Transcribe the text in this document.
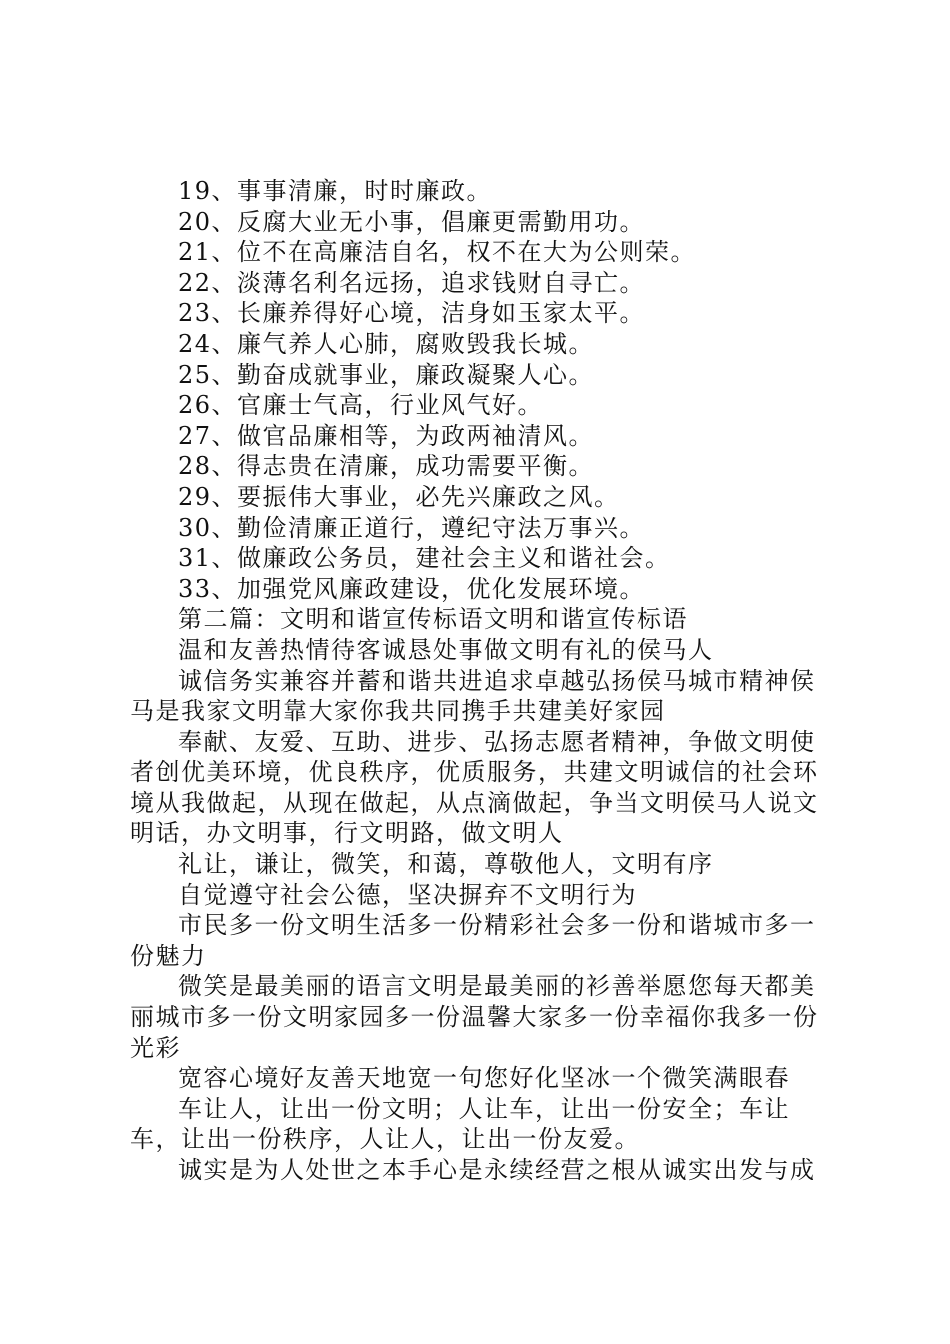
19、事事清廉，时时廉政。

20、反腐大业无小事，倡廉更需勤用功。

21、位不在高廉洁自名，权不在大为公则荣。

22、淡薄名利名远扬，追求钱财自寻亡。

23、长廉养得好心境，洁身如玉家太平。

24、廉气养人心肺，腐败毁我长城。

25、勤奋成就事业，廉政凝聚人心。

26、官廉士气高，行业风气好。

27、做官品廉相等，为政两袖清风。

28、得志贵在清廉，成功需要平衡。

29、要振伟大事业，必先兴廉政之风。

30、勤俭清廉正道行，遵纪守法万事兴。

31、做廉政公务员，建社会主义和谐社会。

33、加强党风廉政建设，优化发展环境。

第二篇：文明和谐宣传标语文明和谐宣传标语

温和友善热情待客诚恳处事做文明有礼的侯马人

诚信务实兼容并蓄和谐共进追求卓越弘扬侯马城市精神侯马是我家文明靠大家你我共同携手共建美好家园

奉献、友爱、互助、进步、弘扬志愿者精神，争做文明使者创优美环境，优良秩序，优质服务，共建文明诚信的社会环境从我做起，从现在做起，从点滴做起，争当文明侯马人说文明话，办文明事，行文明路，做文明人

礼让，谦让，微笑，和蔼，尊敬他人，文明有序

自觉遵守社会公德，坚决摒弃不文明行为

市民多一份文明生活多一份精彩社会多一份和谐城市多一份魅力

微笑是最美丽的语言文明是最美丽的衫善举愿您每天都美丽城市多一份文明家园多一份温馨大家多一份幸福你我多一份光彩

宽容心境好友善天地宽一句您好化坚冰一个微笑满眼春

车让人，让出一份文明；人让车，让出一份安全；车让车，让出一份秩序，人让人，让出一份友爱。

诚实是为人处世之本手心是永续经营之根从诚实出发与成
